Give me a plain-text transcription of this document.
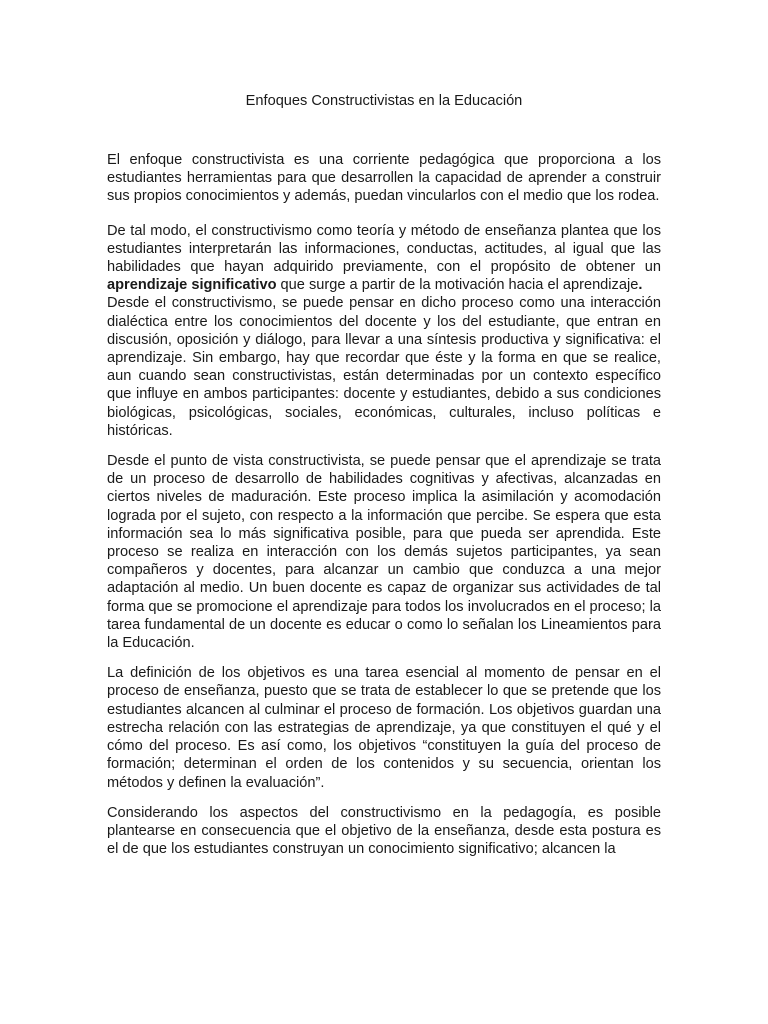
Enfoques Constructivistas en la Educación

El enfoque constructivista es una corriente pedagógica que proporciona a los estudiantes herramientas para que desarrollen la capacidad de aprender a construir sus propios conocimientos y además, puedan vincularlos con el medio que los rodea.

De tal modo, el constructivismo como teoría y método de enseñanza plantea que los estudiantes interpretarán las informaciones, conductas, actitudes, al igual que las habilidades que hayan adquirido previamente, con el propósito de obtener un aprendizaje significativo que surge a partir de la motivación hacia el aprendizaje.

Desde el constructivismo, se puede pensar en dicho proceso como una interacción dialéctica entre los conocimientos del docente y los del estudiante, que entran en discusión, oposición y diálogo, para llevar a una síntesis productiva y significativa: el aprendizaje. Sin embargo, hay que recordar que éste y la forma en que se realice, aun cuando sean constructivistas, están determinadas por un contexto específico que influye en ambos participantes: docente y estudiantes, debido a sus condiciones biológicas, psicológicas, sociales, económicas, culturales, incluso políticas e históricas.

Desde el punto de vista constructivista, se puede pensar que el aprendizaje se trata de un proceso de desarrollo de habilidades cognitivas y afectivas, alcanzadas en ciertos niveles de maduración. Este proceso implica la asimilación y acomodación lograda por el sujeto, con respecto a la información que percibe. Se espera que esta información sea lo más significativa posible, para que pueda ser aprendida. Este proceso se realiza en interacción con los demás sujetos participantes, ya sean compañeros y docentes, para alcanzar un cambio que conduzca a una mejor adaptación al medio. Un buen docente es capaz de organizar sus actividades de tal forma que se promocione el aprendizaje para todos los involucrados en el proceso; la tarea fundamental de un docente es educar o como lo señalan los Lineamientos para la Educación.

La definición de los objetivos es una tarea esencial al momento de pensar en el proceso de enseñanza, puesto que se trata de establecer lo que se pretende que los estudiantes alcancen al culminar el proceso de formación. Los objetivos guardan una estrecha relación con las estrategias de aprendizaje, ya que constituyen el qué y el cómo del proceso. Es así como, los objetivos “constituyen la guía del proceso de formación; determinan el orden de los contenidos y su secuencia, orientan los métodos y definen la evaluación”.

Considerando los aspectos del constructivismo en la pedagogía, es posible plantearse en consecuencia que el objetivo de la enseñanza, desde esta postura es el de que los estudiantes construyan un conocimiento significativo; alcancen la
